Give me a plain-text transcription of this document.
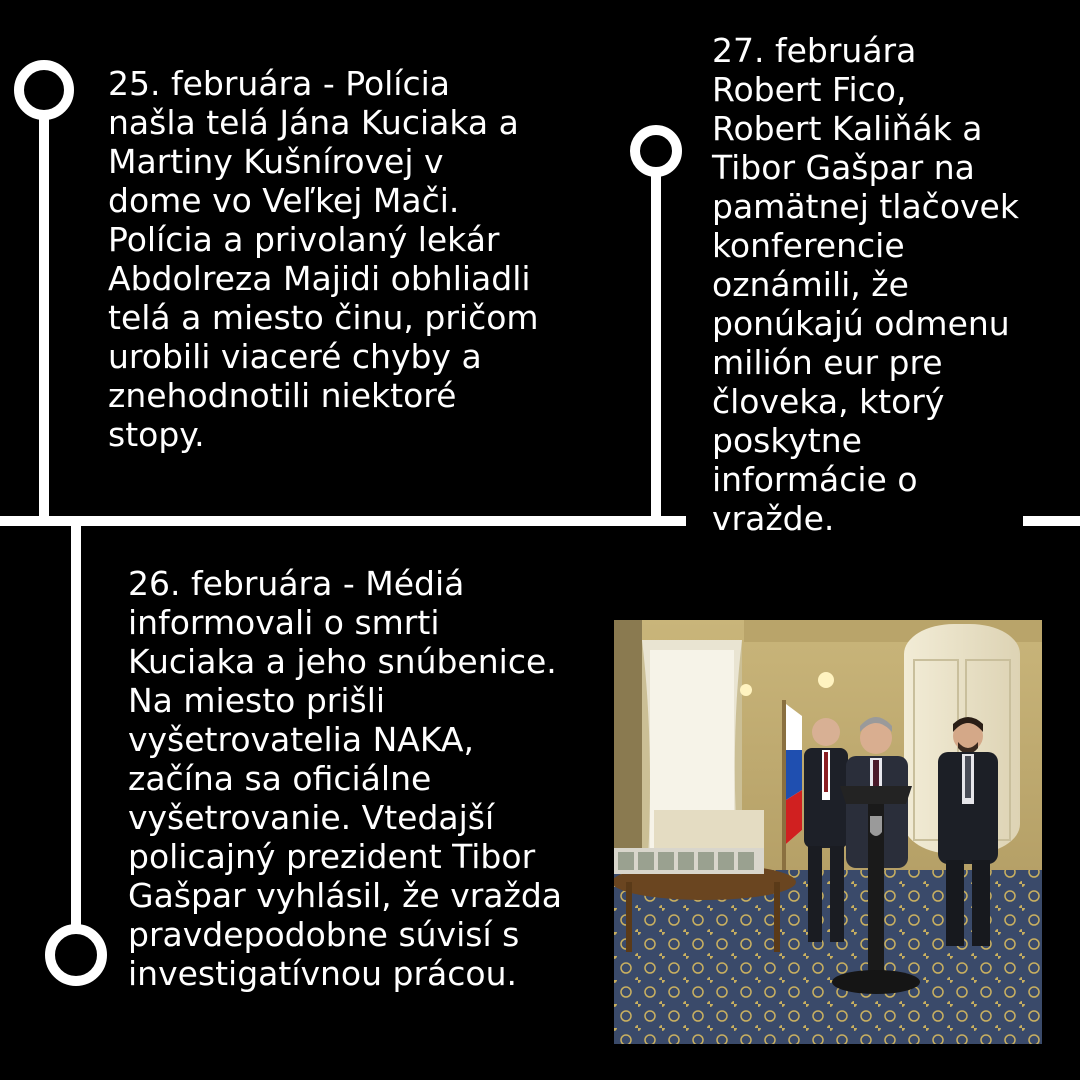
25. februára - Polícia
našla telá Jána Kuciaka a
Martiny Kušnírovej v
dome vo Veľkej Mači.
Polícia a privolaný lekár
Abdolreza Majidi obhliadli
telá a miesto činu, pričom
urobili viaceré chyby a
znehodnotili niektoré
stopy.

27. februára
Robert Fico,
Robert Kaliňák a
Tibor Gašpar na
pamätnej tlačovek
konferencie
oznámili, že
ponúkajú odmenu
milión eur pre
človeka, ktorý
poskytne
informácie o
vražde.

26. februára - Médiá
informovali o smrti
Kuciaka a jeho snúbenice.
Na miesto prišli
vyšetrovatelia NAKA,
začína sa oficiálne
vyšetrovanie. Vtedajší
policajný prezident Tibor
Gašpar vyhlásil, že vražda
pravdepodobne súvisí s
investigatívnou prácou.
